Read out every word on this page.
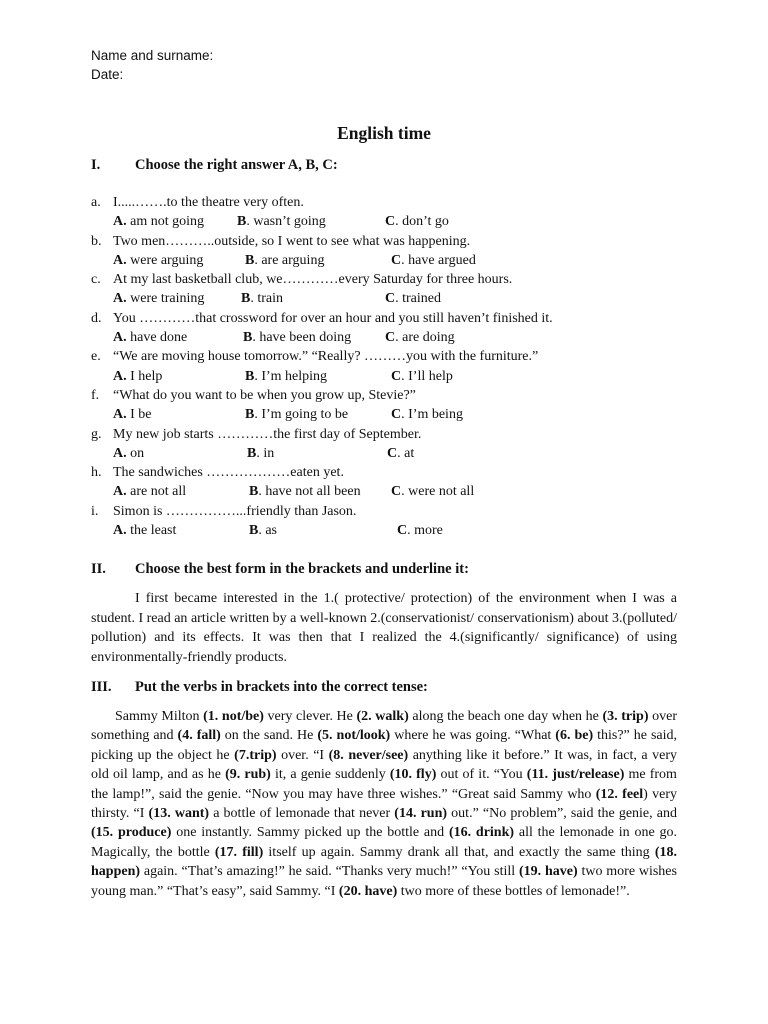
Name and surname:
Date:
English time
I. Choose the right answer A, B, C:
a. I.....…….to the theatre very often.
A. am not going B. wasn’t going	C. don’t go
b. Two men………..outside, so I went to see what was happening.
A. were arguing	B. are arguing	C. have argued
c. At my last basketball club, we…………every Saturday for three hours.
A. were training	B. train	C. trained
d. You …………that crossword for over an hour and you still haven’t finished it.
A. have done	B. have been doing C. are doing
e. “We are moving house tomorrow.” “Really? ………you with the furniture.”
A. I help	B. I’m helping	C. I’ll help
f. “What do you want to be when you grow up, Stevie?”
A. I be	B. I’m going to be	C. I’m being
g. My new job starts …………the first day of September.
A. on	B. in	C. at
h. The sandwiches ………………eaten yet.
A. are not all	B. have not all been C. were not all
i. Simon is ……………...friendly than Jason.
A. the least	B. as	C. more
II. Choose the best form in the brackets and underline it:

I first became interested in the 1.( protective/ protection) of the environment when I was a student. I read an article written by a well-known 2.(conservationist/ conservationism) about 3.(polluted/ pollution) and its effects. It was then that I realized the 4.(significantly/ significance) of using environmentally-friendly products.

III. Put the verbs in brackets into the correct tense:

Sammy Milton (1. not/be) very clever. He (2. walk) along the beach one day when he (3. trip) over something and (4. fall) on the sand. He (5. not/look) where he was going. “What (6. be) this?” he said, picking up the object he (7.trip) over. “I (8. never/see) anything like it before.” It was, in fact, a very old oil lamp, and as he (9. rub) it, a genie suddenly (10. fly) out of it. “You (11. just/release) me from the lamp!”, said the genie. “Now you may have three wishes.” “Great said Sammy who (12. feel) very thirsty. “I (13. want) a bottle of lemonade that never (14. run) out.” “No problem”, said the genie, and (15. produce) one instantly. Sammy picked up the bottle and (16. drink) all the lemonade in one go. Magically, the bottle (17. fill) itself up again. Sammy drank all that, and exactly the same thing (18. happen) again. “That’s amazing!” he said. “Thanks very much!” “You still (19. have) two more wishes young man.” “That’s easy”, said Sammy. “I (20. have) two more of these bottles of lemonade!”.
